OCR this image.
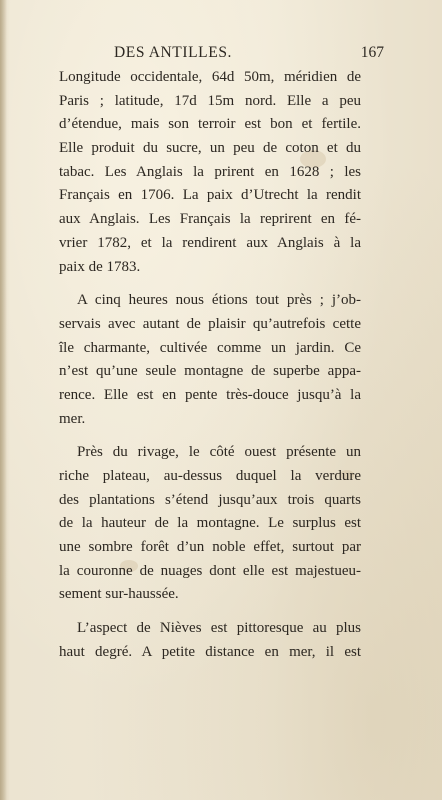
DES ANTILLES.	167
Longitude occidentale, 64d 50m, méridien de
Paris ; latitude, 17d 15m nord. Elle a peu
d’étendue, mais son terroir est bon et fertile.
Elle produit du sucre, un peu de coton et du
tabac. Les Anglais la prirent en 1628 ; les
Français en 1706. La paix d’Utrecht la rendit
aux Anglais. Les Français la reprirent en fé-
vrier 1782, et la rendirent aux Anglais à la
paix de 1783.
A cinq heures nous étions tout près ; j’ob-
servais avec autant de plaisir qu’autrefois cette
île charmante, cultivée comme un jardin. Ce
n’est qu’une seule montagne de superbe appa-
rence. Elle est en pente très-douce jusqu’à la
mer.
Près du rivage, le côté ouest présente un
riche plateau, au-dessus duquel la verdure
des plantations s’étend jusqu’aux trois quarts
de la hauteur de la montagne. Le surplus est
une sombre forêt d’un noble effet, surtout par
la couronne de nuages dont elle est majestueu-
sement sur-haussée.
L’aspect de Nièves est pittoresque au plus
haut degré. A petite distance en mer, il est
